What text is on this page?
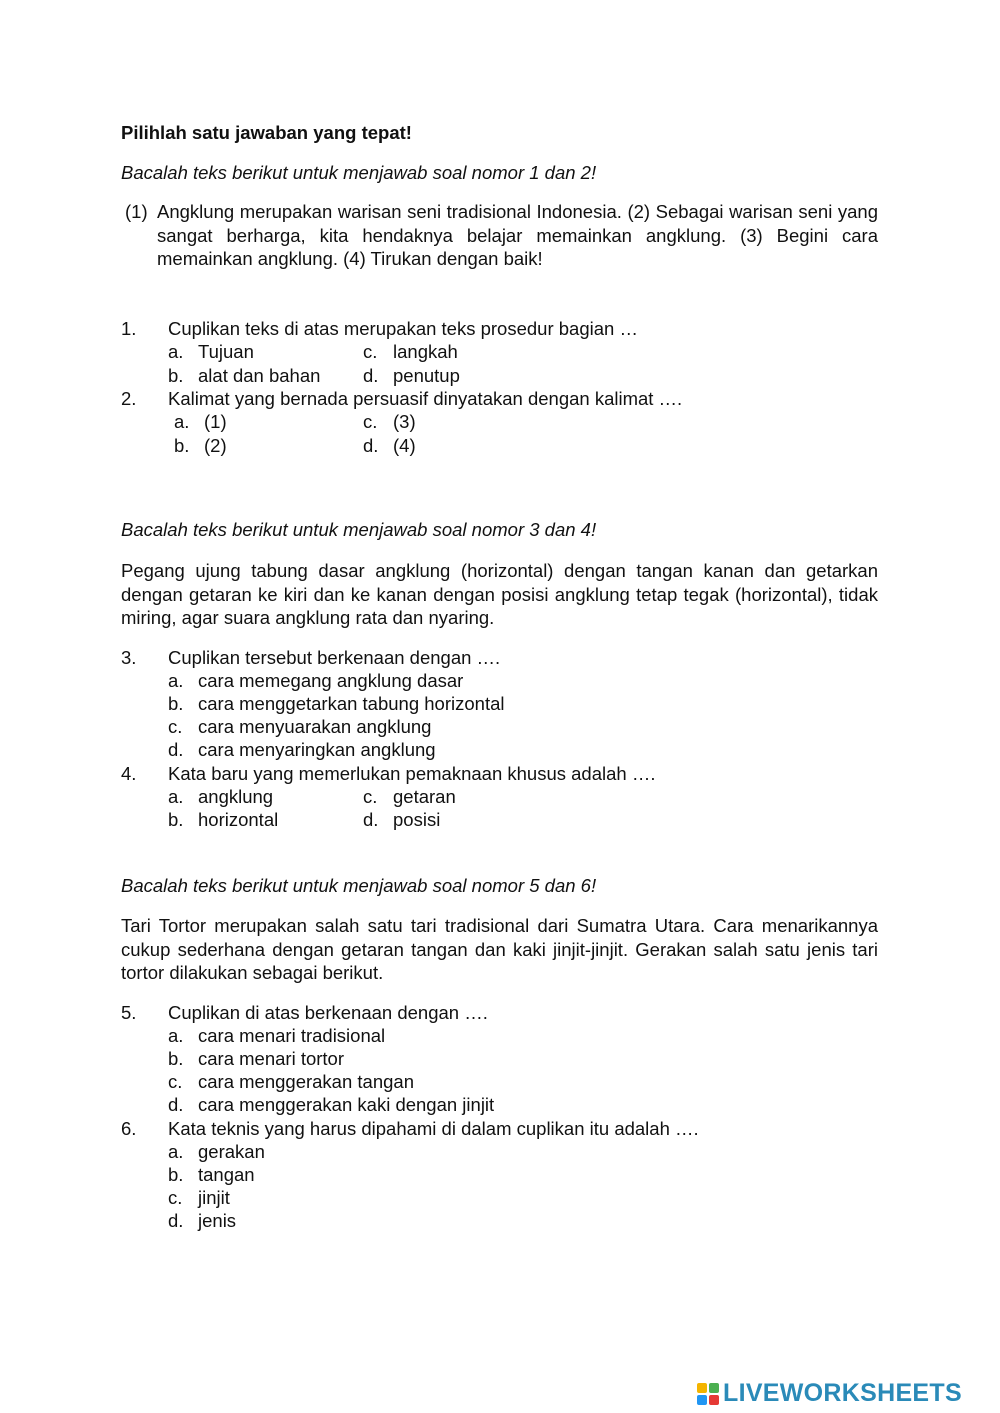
Pilihlah satu jawaban yang tepat!
Bacalah teks berikut untuk menjawab soal nomor 1 dan 2!
(1) Angklung merupakan warisan seni tradisional Indonesia. (2) Sebagai warisan seni yang sangat berharga, kita hendaknya belajar memainkan angklung. (3) Begini cara memainkan angklung. (4) Tirukan dengan baik!
1. Cuplikan teks di atas merupakan teks prosedur bagian …
a. Tujuan	c. langkah
b. alat dan bahan d. penutup
2. Kalimat yang bernada persuasif dinyatakan dengan kalimat ….
a. (1)	c. (3)
b. (2)	d. (4)
Bacalah teks berikut untuk menjawab soal nomor 3 dan 4!
Pegang ujung tabung dasar angklung (horizontal) dengan tangan kanan dan getarkan dengan getaran ke kiri dan ke kanan dengan posisi angklung tetap tegak (horizontal), tidak miring, agar suara angklung rata dan nyaring.
3. Cuplikan tersebut berkenaan dengan ….
a. cara memegang angklung dasar
b. cara menggetarkan tabung horizontal
c. cara menyuarakan angklung
d. cara menyaringkan angklung
4. Kata baru yang memerlukan pemaknaan khusus adalah ….
a. angklung	c. getaran
b. horizontal	d. posisi
Bacalah teks berikut untuk menjawab soal nomor 5 dan 6!
Tari Tortor merupakan salah satu tari tradisional dari Sumatra Utara. Cara menarikannya cukup sederhana dengan getaran tangan dan kaki jinjit-jinjit. Gerakan salah satu jenis tari tortor dilakukan sebagai berikut.
5. Cuplikan di atas berkenaan dengan ….
a. cara menari tradisional
b. cara menari tortor
c. cara menggerakan tangan
d. cara menggerakan kaki dengan jinjit
6. Kata teknis yang harus dipahami di dalam cuplikan itu adalah ….
a. gerakan
b. tangan
c. jinjit
d. jenis
LIVEWORKSHEETS
